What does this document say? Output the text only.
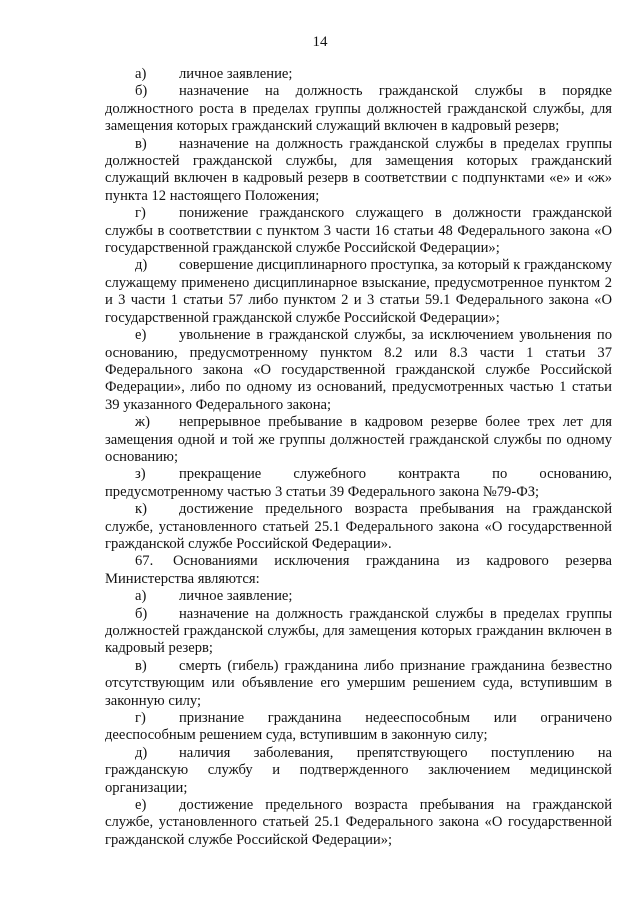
14

а) личное заявление;

б) назначение на должность гражданской службы в порядке должностного роста в пределах группы должностей гражданской службы, для замещения которых гражданский служащий включен в кадровый резерв;

в) назначение на должность гражданской службы в пределах группы должностей гражданской службы, для замещения которых гражданский служащий включен в кадровый резерв в соответствии с подпунктами «е» и «ж» пункта 12 настоящего Положения;

г) понижение гражданского служащего в должности гражданской службы в соответствии с пунктом 3 части 16 статьи 48 Федерального закона «О государственной гражданской службе Российской Федерации»;

д) совершение дисциплинарного проступка, за который к гражданскому служащему применено дисциплинарное взыскание, предусмотренное пунктом 2 и 3 части 1 статьи 57 либо пунктом 2 и 3 статьи 59.1 Федерального закона «О государственной гражданской службе Российской Федерации»;

е) увольнение в гражданской службы, за исключением увольнения по основанию, предусмотренному пунктом 8.2 или 8.3 части 1 статьи 37 Федерального закона «О государственной гражданской службе Российской Федерации», либо по одному из оснований, предусмотренных частью 1 статьи 39 указанного Федерального закона;

ж) непрерывное пребывание в кадровом резерве более трех лет для замещения одной и той же группы должностей гражданской службы по одному основанию;

з) прекращение служебного контракта по основанию, предусмотренному частью 3 статьи 39 Федерального закона №79-ФЗ;

к) достижение предельного возраста пребывания на гражданской службе, установленного статьей 25.1 Федерального закона «О государственной гражданской службе Российской Федерации».

67. Основаниями исключения гражданина из кадрового резерва Министерства являются:

а) личное заявление;

б) назначение на должность гражданской службы в пределах группы должностей гражданской службы, для замещения которых гражданин включен в кадровый резерв;

в) смерть (гибель) гражданина либо признание гражданина безвестно отсутствующим или объявление его умершим решением суда, вступившим в законную силу;

г) признание гражданина недееспособным или ограничено дееспособным решением суда, вступившим в законную силу;

д) наличия заболевания, препятствующего поступлению на гражданскую службу и подтвержденного заключением медицинской организации;

е) достижение предельного возраста пребывания на гражданской службе, установленного статьей 25.1 Федерального закона «О государственной гражданской службе Российской Федерации»;
